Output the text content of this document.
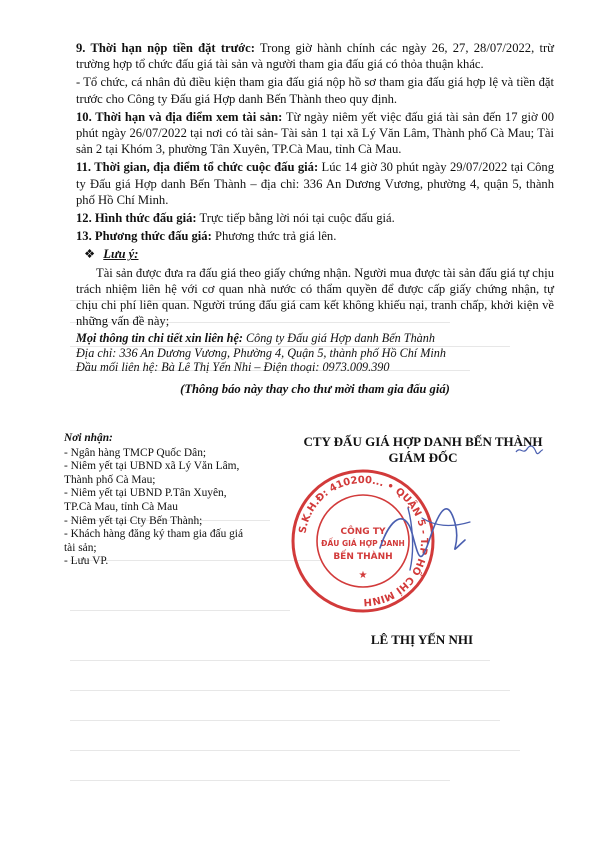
9. Thời hạn nộp tiền đặt trước: Trong giờ hành chính các ngày 26, 27, 28/07/2022, trừ trường hợp tổ chức đấu giá tài sản và người tham gia đấu giá có thỏa thuận khác.

- Tổ chức, cá nhân đủ điều kiện tham gia đấu giá nộp hồ sơ tham gia đấu giá hợp lệ và tiền đặt trước cho Công ty Đấu giá Hợp danh Bến Thành theo quy định.

10. Thời hạn và địa điểm xem tài sản: Từ ngày niêm yết việc đấu giá tài sản đến 17 giờ 00 phút ngày 26/07/2022 tại nơi có tài sản- Tài sản 1 tại xã Lý Văn Lâm, Thành phố Cà Mau; Tài sản 2 tại Khóm 3, phường Tân Xuyên, TP.Cà Mau, tỉnh Cà Mau.

11. Thời gian, địa điểm tổ chức cuộc đấu giá: Lúc 14 giờ 30 phút ngày 29/07/2022 tại Công ty Đấu giá Hợp danh Bến Thành – địa chỉ: 336 An Dương Vương, phường 4, quận 5, thành phố Hồ Chí Minh.

12. Hình thức đấu giá: Trực tiếp bằng lời nói tại cuộc đấu giá.

13. Phương thức đấu giá: Phương thức trả giá lên.

❖ Lưu ý:

Tài sản được đưa ra đấu giá theo giấy chứng nhận. Người mua được tài sản đấu giá tự chịu trách nhiệm liên hệ với cơ quan nhà nước có thẩm quyền để được cấp giấy chứng nhận, tự chịu chi phí liên quan. Người trúng đấu giá cam kết không khiếu nại, tranh chấp, khởi kiện về những vấn đề này;

Mọi thông tin chi tiết xin liên hệ: Công ty Đấu giá Hợp danh Bến Thành
Địa chỉ: 336 An Dương Vương, Phường 4, Quận 5, thành phố Hồ Chí Minh
Đầu mối liên hệ: Bà Lê Thị Yến Nhi – Điện thoại: 0973.009.390
(Thông báo này thay cho thư mời tham gia đấu giá)
Nơi nhận:
- Ngân hàng TMCP Quốc Dân;
- Niêm yết tại UBND xã Lý Văn Lâm, Thành phố Cà Mau;
- Niêm yết tại UBND P.Tân Xuyên, TP.Cà Mau, tỉnh Cà Mau
- Niêm yết tại Cty Bến Thành;
- Khách hàng đăng ký tham gia đấu giá tài sản;
- Lưu VP.
CTY ĐẤU GIÁ HỢP DANH BẾN THÀNH
GIÁM ĐỐC
S.K.H.Đ: 410200... • QUẬN 5 - T.P HỒ CHÍ MINH
CÔNG TY
ĐẤU GIÁ HỢP DANH
BẾN THÀNH
★
LÊ THỊ YẾN NHI
